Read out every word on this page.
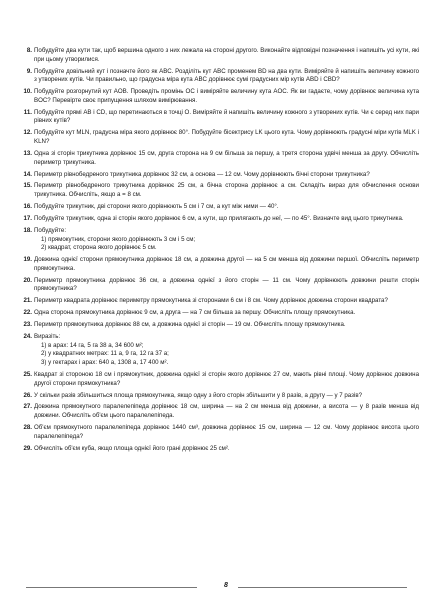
8. Побудуйте два кути так, щоб вершина одного з них лежала на стороні другого. Виконайте відповідні позначення і напишіть усі кути, які при цьому утворилися.
9. Побудуйте довільний кут і позначте його як ABC. Розділіть кут ABC променем BD на два кути. Виміряйте й напишіть величину кожного з утворених кутів. Чи правильно, що градусна міра кута ABC дорівнює сумі градусних мір кутів ABD і CBD?
10. Побудуйте розгорнутий кут AOB. Проведіть промінь OC і виміряйте величину кута AOC. Як ви гадаєте, чому дорівнює величина кута BOC? Перевірте своє припущення шляхом вимірювання.
11. Побудуйте прямі AB і CD, що перетинаються в точці O. Виміряйте й напишіть величину кожного з утворених кутів. Чи є серед них пари рівних кутів?
12. Побудуйте кут MLN, градусна міра якого дорівнює 80°. Побудуйте бісектрису LK цього кута. Чому дорівнюють градусні міри кутів MLK і KLN?
13. Одна зі сторін трикутника дорівнює 15 см, друга сторона на 9 см більша за першу, а третя сторона удвічі менша за другу. Обчисліть периметр трикутника.
14. Периметр рівнобедреного трикутника дорівнює 32 см, а основа — 12 см. Чому дорівнюють бічні сторони трикутника?
15. Периметр рівнобедреного трикутника дорівнює 25 см, а бічна сторона дорівнює a см. Складіть вираз для обчислення основи трикутника. Обчисліть, якщо a = 8 см.
16. Побудуйте трикутник, дві сторони якого дорівнюють 5 см і 7 см, а кут між ними — 40°.
17. Побудуйте трикутник, одна зі сторін якого дорівнює 6 см, а кути, що прилягають до неї, — по 45°. Визначте вид цього трикутника.
18. Побудуйте:
1) прямокутник, сторони якого дорівнюють 3 см і 5 см;
2) квадрат, сторона якого дорівнює 5 см.
19. Довжина однієї сторони прямокутника дорівнює 18 см, а довжина другої — на 5 см менша від довжини першої. Обчисліть периметр прямокутника.
20. Периметр прямокутника дорівнює 36 см, а довжина однієї з його сторін — 11 см. Чому дорівнюють довжини решти сторін прямокутника?
21. Периметр квадрата дорівнює периметру прямокутника зі сторонами 6 см і 8 см. Чому дорівнює довжина сторони квадрата?
22. Одна сторона прямокутника дорівнює 9 см, а друга — на 7 см більша за першу. Обчисліть площу прямокутника.
23. Периметр прямокутника дорівнює 88 см, а довжина однієї зі сторін — 19 см. Обчисліть площу прямокутника.
24. Виразіть:
1) в арах: 14 га, 5 га 38 а, 34 600 м²;
2) у квадратних метрах: 11 а, 9 га, 12 га 37 а;
3) у гектарах і арах: 640 а, 1308 а, 17 400 м².
25. Квадрат зі стороною 18 см і прямокутник, довжина однієї зі сторін якого дорівнює 27 см, мають рівні площі. Чому дорівнює довжина другої сторони прямокутника?
26. У скільки разів збільшиться площа прямокутника, якщо одну з його сторін збільшити у 8 разів, а другу — у 7 разів?
27. Довжина прямокутного паралелепіпеда дорівнює 18 см, ширина — на 2 см менша від довжини, а висота — у 8 разів менша від довжини. Обчисліть об'єм цього паралелепіпеда.
28. Об'єм прямокутного паралелепіпеда дорівнює 1440 см³, довжина дорівнює 15 см, ширина — 12 см. Чому дорівнює висота цього паралелепіпеда?
29. Обчисліть об'єм куба, якщо площа однієї його грані дорівнює 25 см².
8
